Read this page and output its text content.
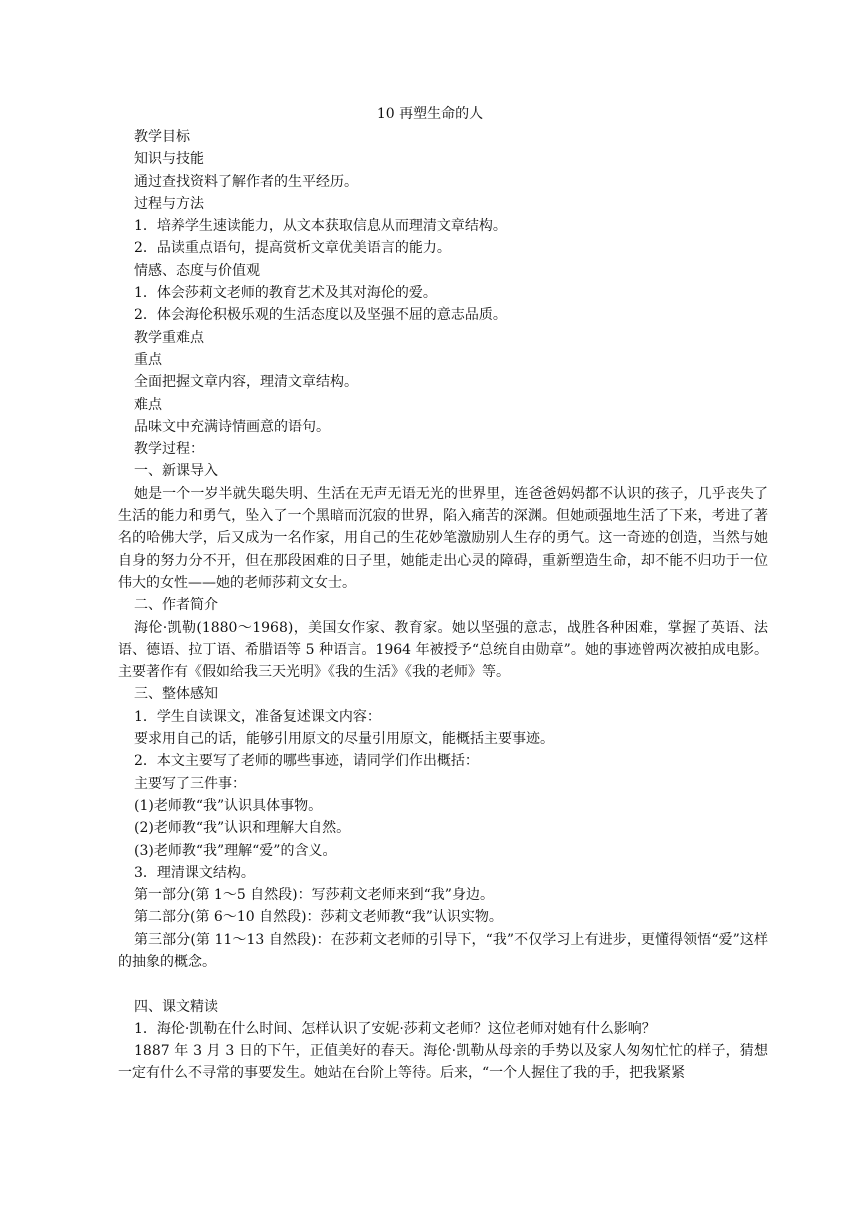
10 再塑生命的人
教学目标
知识与技能
通过查找资料了解作者的生平经历。
过程与方法
1．培养学生速读能力，从文本获取信息从而理清文章结构。
2．品读重点语句，提高赏析文章优美语言的能力。
情感、态度与价值观
1．体会莎莉文老师的教育艺术及其对海伦的爱。
2．体会海伦积极乐观的生活态度以及坚强不屈的意志品质。
教学重难点
重点
全面把握文章内容，理清文章结构。
难点
品味文中充满诗情画意的语句。
教学过程：
一、新课导入
她是一个一岁半就失聪失明、生活在无声无语无光的世界里，连爸爸妈妈都不认识的孩子，几乎丧失了生活的能力和勇气，坠入了一个黑暗而沉寂的世界，陷入痛苦的深渊。但她顽强地生活了下来，考进了著名的哈佛大学，后又成为一名作家，用自己的生花妙笔激励别人生存的勇气。这一奇迹的创造，当然与她自身的努力分不开，但在那段困难的日子里，她能走出心灵的障碍，重新塑造生命，却不能不归功于一位伟大的女性——她的老师莎莉文女士。
二、作者简介
海伦·凯勒(1880～1968)，美国女作家、教育家。她以坚强的意志，战胜各种困难，掌握了英语、法语、德语、拉丁语、希腊语等 5 种语言。1964 年被授予“总统自由勋章”。她的事迹曾两次被拍成电影。主要著作有《假如给我三天光明》《我的生活》《我的老师》等。
三、整体感知
1．学生自读课文，准备复述课文内容：
要求用自己的话，能够引用原文的尽量引用原文，能概括主要事迹。
2．本文主要写了老师的哪些事迹，请同学们作出概括：
主要写了三件事：
(1)老师教“我”认识具体事物。
(2)老师教“我”认识和理解大自然。
(3)老师教“我”理解“爱”的含义。
3．理清课文结构。
第一部分(第 1～5 自然段)：写莎莉文老师来到“我”身边。
第二部分(第 6～10 自然段)：莎莉文老师教“我”认识实物。
第三部分(第 11～13 自然段)：在莎莉文老师的引导下，“我”不仅学习上有进步，更懂得领悟“爱”这样的抽象的概念。
四、课文精读
1．海伦·凯勒在什么时间、怎样认识了安妮·莎莉文老师？这位老师对她有什么影响？
1887 年 3 月 3 日的下午，正值美好的春天。海伦·凯勒从母亲的手势以及家人匆匆忙忙的样子，猜想一定有什么不寻常的事要发生。她站在台阶上等待。后来，“一个人握住了我的手，把我紧紧
